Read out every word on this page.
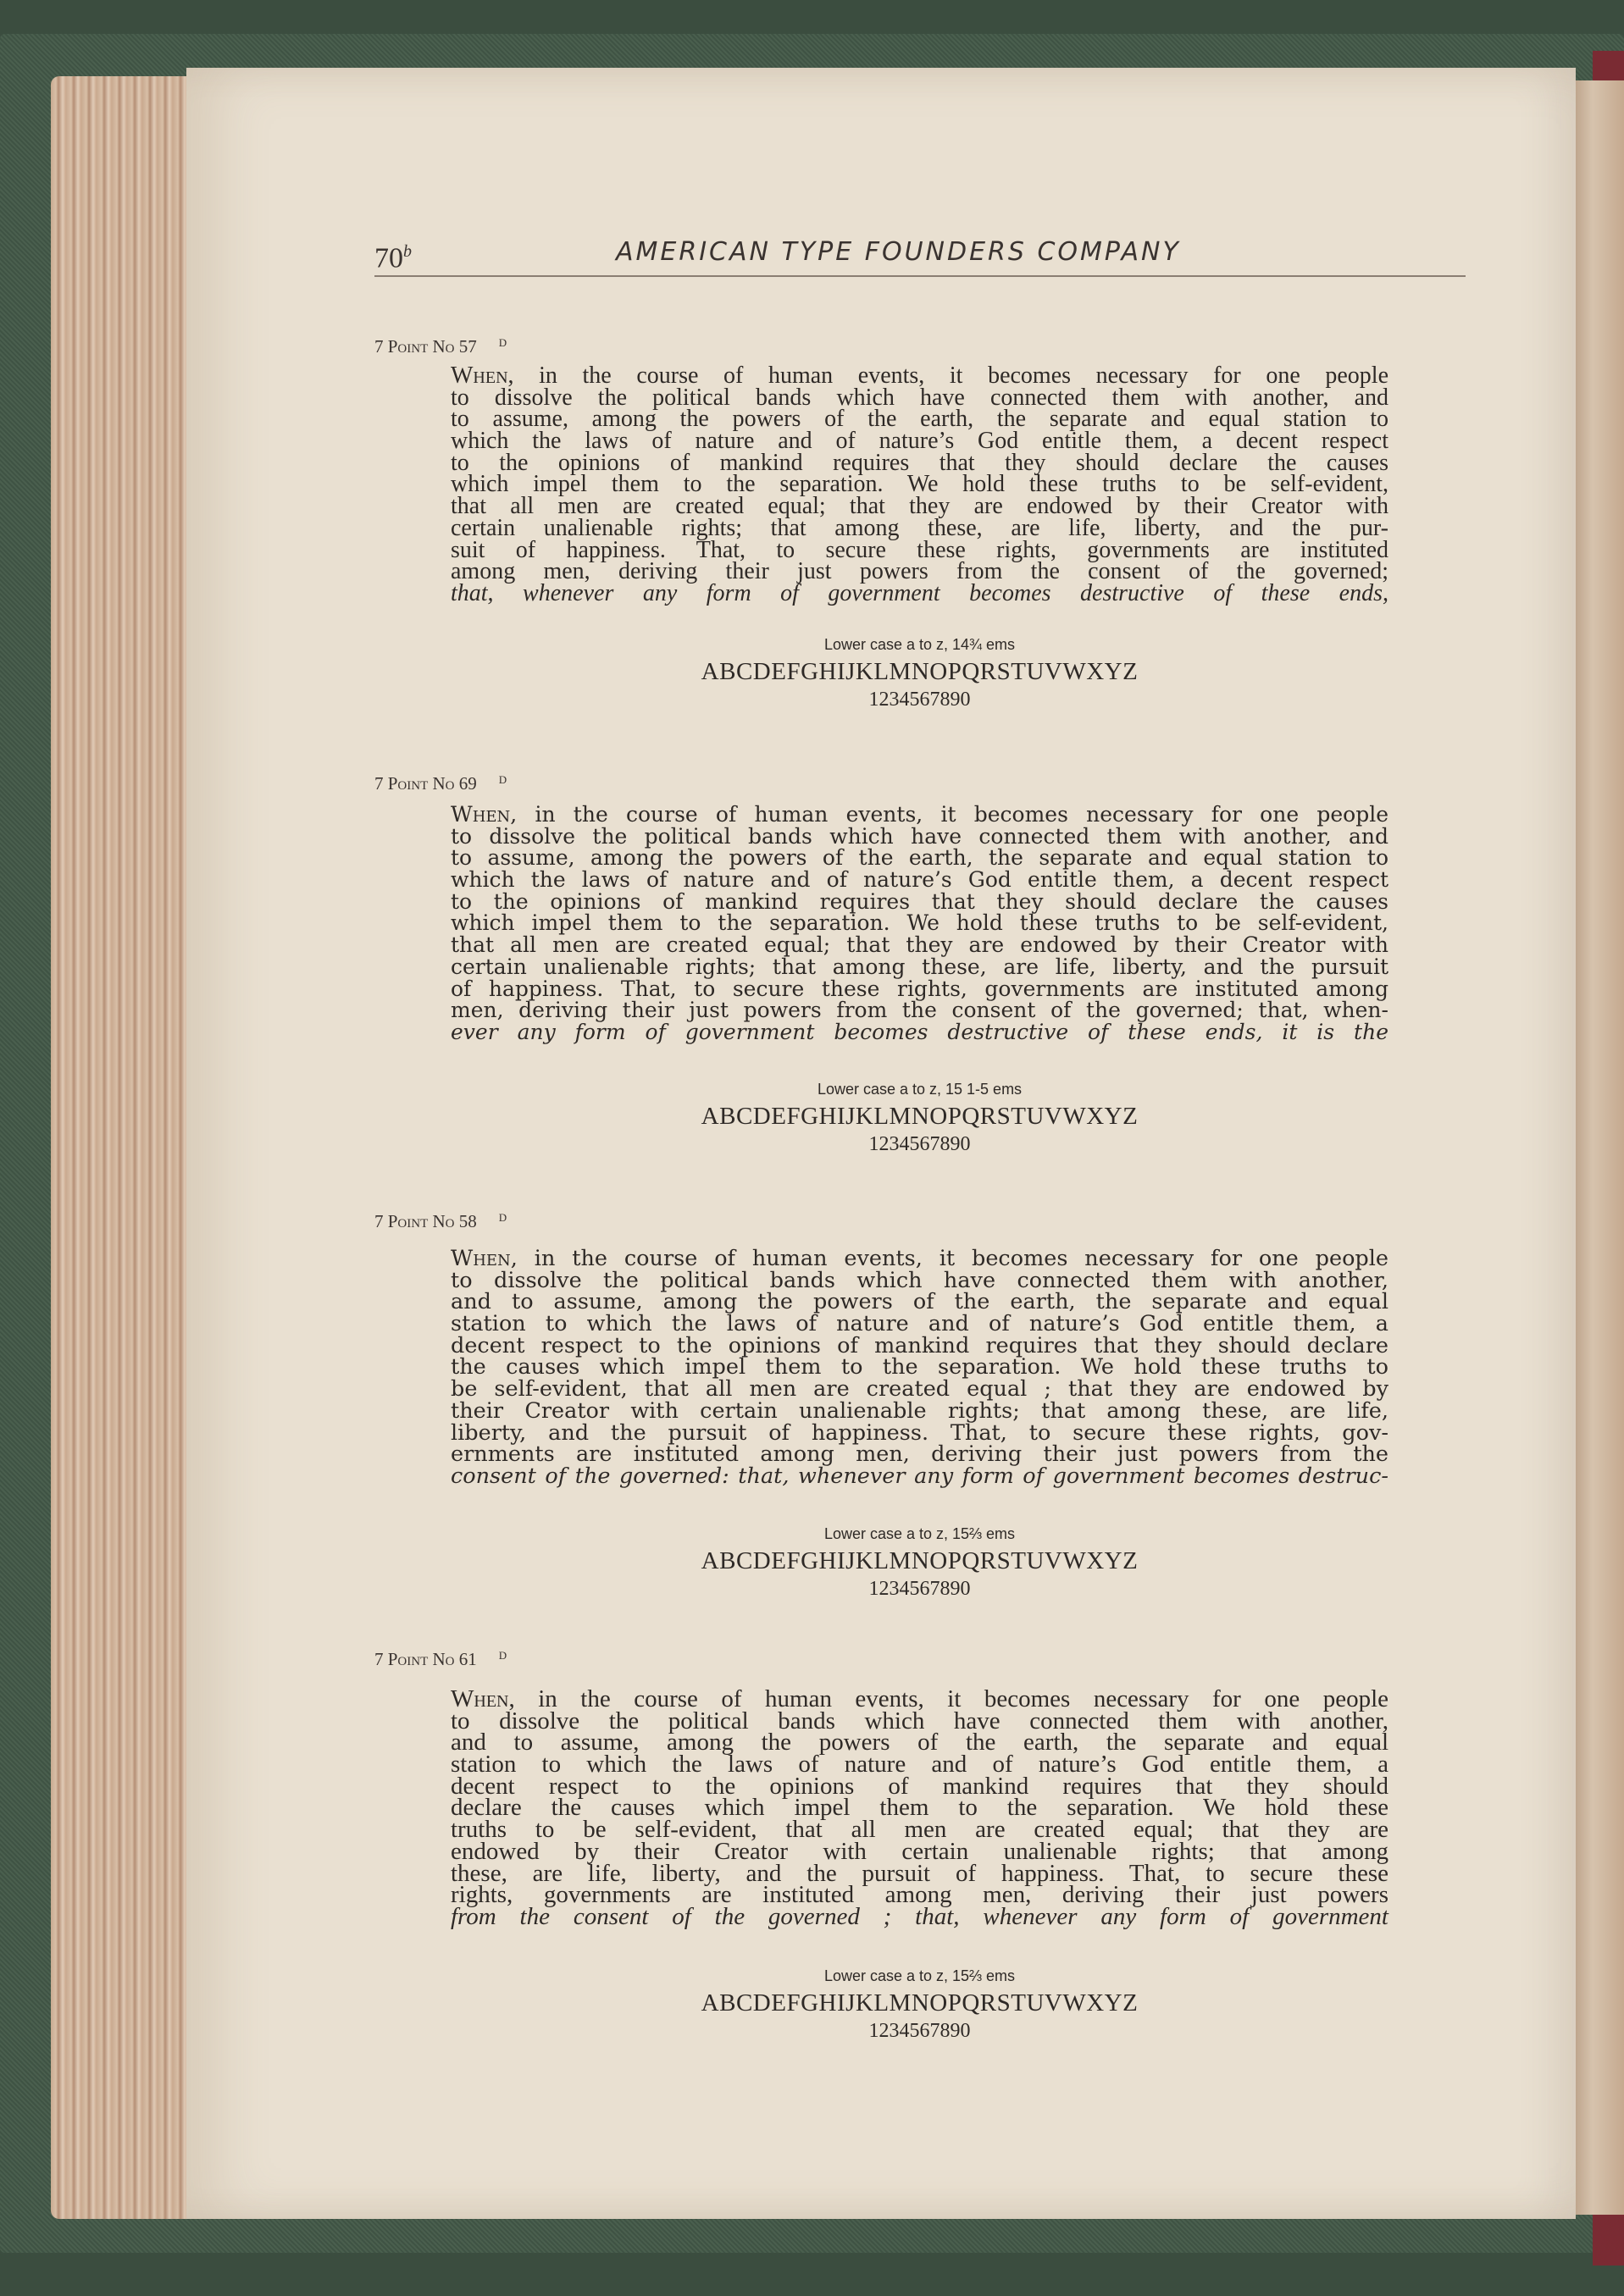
70$^b$	AMERICAN TYPE FOUNDERS COMPANY
7 Point No 57 $^D$
When, in the course of human events, it becomes necessary for one people
to dissolve the political bands which have connected them with another, and
to assume, among the powers of the earth, the separate and equal station to
which the laws of nature and of nature’s God entitle them, a decent respect
to the opinions of mankind requires that they should declare the causes
which impel them to the separation. We hold these truths to be self-evident,
that all men are created equal; that they are endowed by their Creator with
certain unalienable rights; that among these, are life, liberty, and the pur-
suit of happiness. That, to secure these rights, governments are instituted
among men, deriving their just powers from the consent of the governed;
that, whenever any form of government becomes destructive of these ends,
Lower case a to z, 14¾ ems
ABCDEFGHIJKLMNOPQRSTUVWXYZ
1234567890
7 Point No 69 $^D$
When, in the course of human events, it becomes necessary for one people
to dissolve the political bands which have connected them with another, and
to assume, among the powers of the earth, the separate and equal station to
which the laws of nature and of nature’s God entitle them, a decent respect
to the opinions of mankind requires that they should declare the causes
which impel them to the separation. We hold these truths to be self-evident,
that all men are created equal; that they are endowed by their Creator with
certain unalienable rights; that among these, are life, liberty, and the pursuit
of happiness. That, to secure these rights, governments are instituted among
men, deriving their just powers from the consent of the governed; that, when-
ever any form of government becomes destructive of these ends, it is the
Lower case a to z, 15 1-5 ems
ABCDEFGHIJKLMNOPQRSTUVWXYZ
1234567890
7 Point No 58 $^D$
When, in the course of human events, it becomes necessary for one people
to dissolve the political bands which have connected them with another,
and to assume, among the powers of the earth, the separate and equal
station to which the laws of nature and of nature’s God entitle them, a
decent respect to the opinions of mankind requires that they should declare
the causes which impel them to the separation. We hold these truths to
be self-evident, that all men are created equal ; that they are endowed by
their Creator with certain unalienable rights; that among these, are life,
liberty, and the pursuit of happiness. That, to secure these rights, gov-
ernments are instituted among men, deriving their just powers from the
consent of the governed: that, whenever any form of government becomes destruc-
Lower case a to z, 15⅔ ems
ABCDEFGHIJKLMNOPQRSTUVWXYZ
1234567890
7 Point No 61 $^D$
When, in the course of human events, it becomes necessary for one people
to dissolve the political bands which have connected them with another,
and to assume, among the powers of the earth, the separate and equal
station to which the laws of nature and of nature’s God entitle them, a
decent respect to the opinions of mankind requires that they should
declare the causes which impel them to the separation. We hold these
truths to be self-evident, that all men are created equal; that they are
endowed by their Creator with certain unalienable rights; that among
these, are life, liberty, and the pursuit of happiness. That, to secure these
rights, governments are instituted among men, deriving their just powers
from the consent of the governed ; that, whenever any form of government
Lower case a to z, 15⅔ ems
ABCDEFGHIJKLMNOPQRSTUVWXYZ
1234567890
